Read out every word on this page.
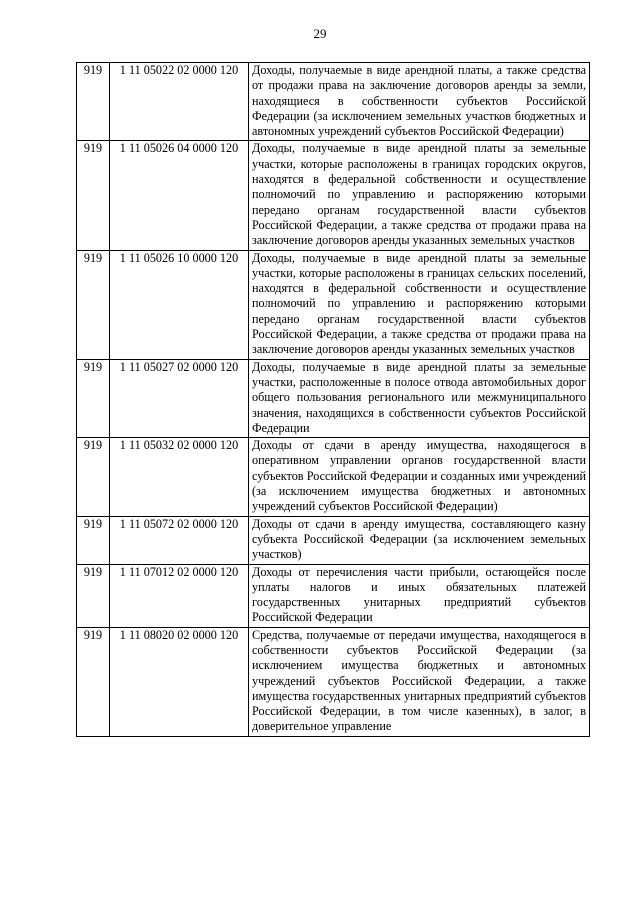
29
919	1 11 05022 02 0000 120	Доходы, получаемые в виде арендной платы, а также средства от продажи права на заключение договоров аренды за земли, находящиеся в собственности субъектов Российской Федерации (за исключением земельных участков бюджетных и автономных учреждений субъектов Российской Федерации)
919	1 11 05026 04 0000 120	Доходы, получаемые в виде арендной платы за земельные участки, которые расположены в границах городских округов, находятся в федеральной собственности и осуществление полномочий по управлению и распоряжению которыми передано органам государственной власти субъектов Российской Федерации, а также средства от продажи права на заключение договоров аренды указанных земельных участков
919	1 11 05026 10 0000 120	Доходы, получаемые в виде арендной платы за земельные участки, которые расположены в границах сельских поселений, находятся в федеральной собственности и осуществление полномочий по управлению и распоряжению которыми передано органам государственной власти субъектов Российской Федерации, а также средства от продажи права на заключение договоров аренды указанных земельных участков
919	1 11 05027 02 0000 120	Доходы, получаемые в виде арендной платы за земельные участки, расположенные в полосе отвода автомобильных дорог общего пользования регионального или межмуниципального значения, находящихся в собственности субъектов Российской Федерации
919	1 11 05032 02 0000 120	Доходы от сдачи в аренду имущества, находящегося в оперативном управлении органов государственной власти субъектов Российской Федерации и созданных ими учреждений (за исключением имущества бюджетных и автономных учреждений субъектов Российской Федерации)
919	1 11 05072 02 0000 120	Доходы от сдачи в аренду имущества, составляющего казну субъекта Российской Федерации (за исключением земельных участков)
919	1 11 07012 02 0000 120	Доходы от перечисления части прибыли, остающейся после уплаты налогов и иных обязательных платежей государственных унитарных предприятий субъектов Российской Федерации
919	1 11 08020 02 0000 120	Средства, получаемые от передачи имущества, находящегося в собственности субъектов Российской Федерации (за исключением имущества бюджетных и автономных учреждений субъектов Российской Федерации, а также имущества государственных унитарных предприятий субъектов Российской Федерации, в том числе казенных), в залог, в доверительное управление
